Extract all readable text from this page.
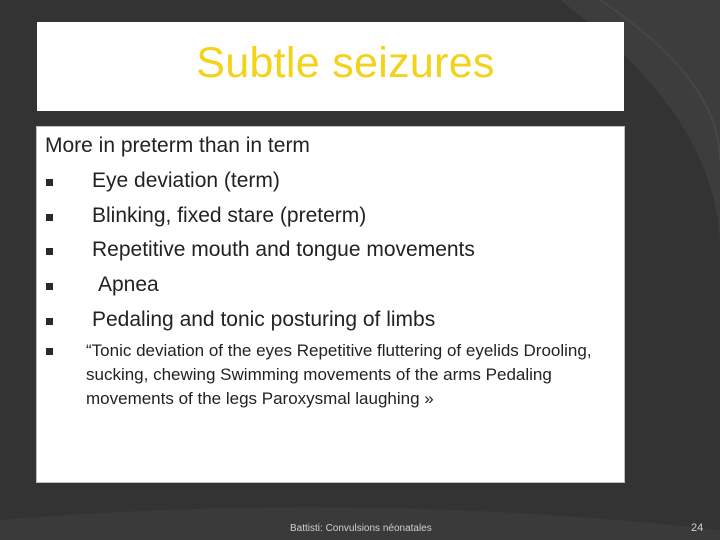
Subtle seizures
More in preterm than in term
Eye deviation (term)
Blinking, fixed stare (preterm)
Repetitive mouth and tongue movements
Apnea
Pedaling and tonic posturing of limbs
“Tonic deviation of the eyes Repetitive fluttering of eyelids Drooling, sucking, chewing Swimming movements of the arms Pedaling movements of the legs Paroxysmal laughing »
Battisti: Convulsions néonatales	24
